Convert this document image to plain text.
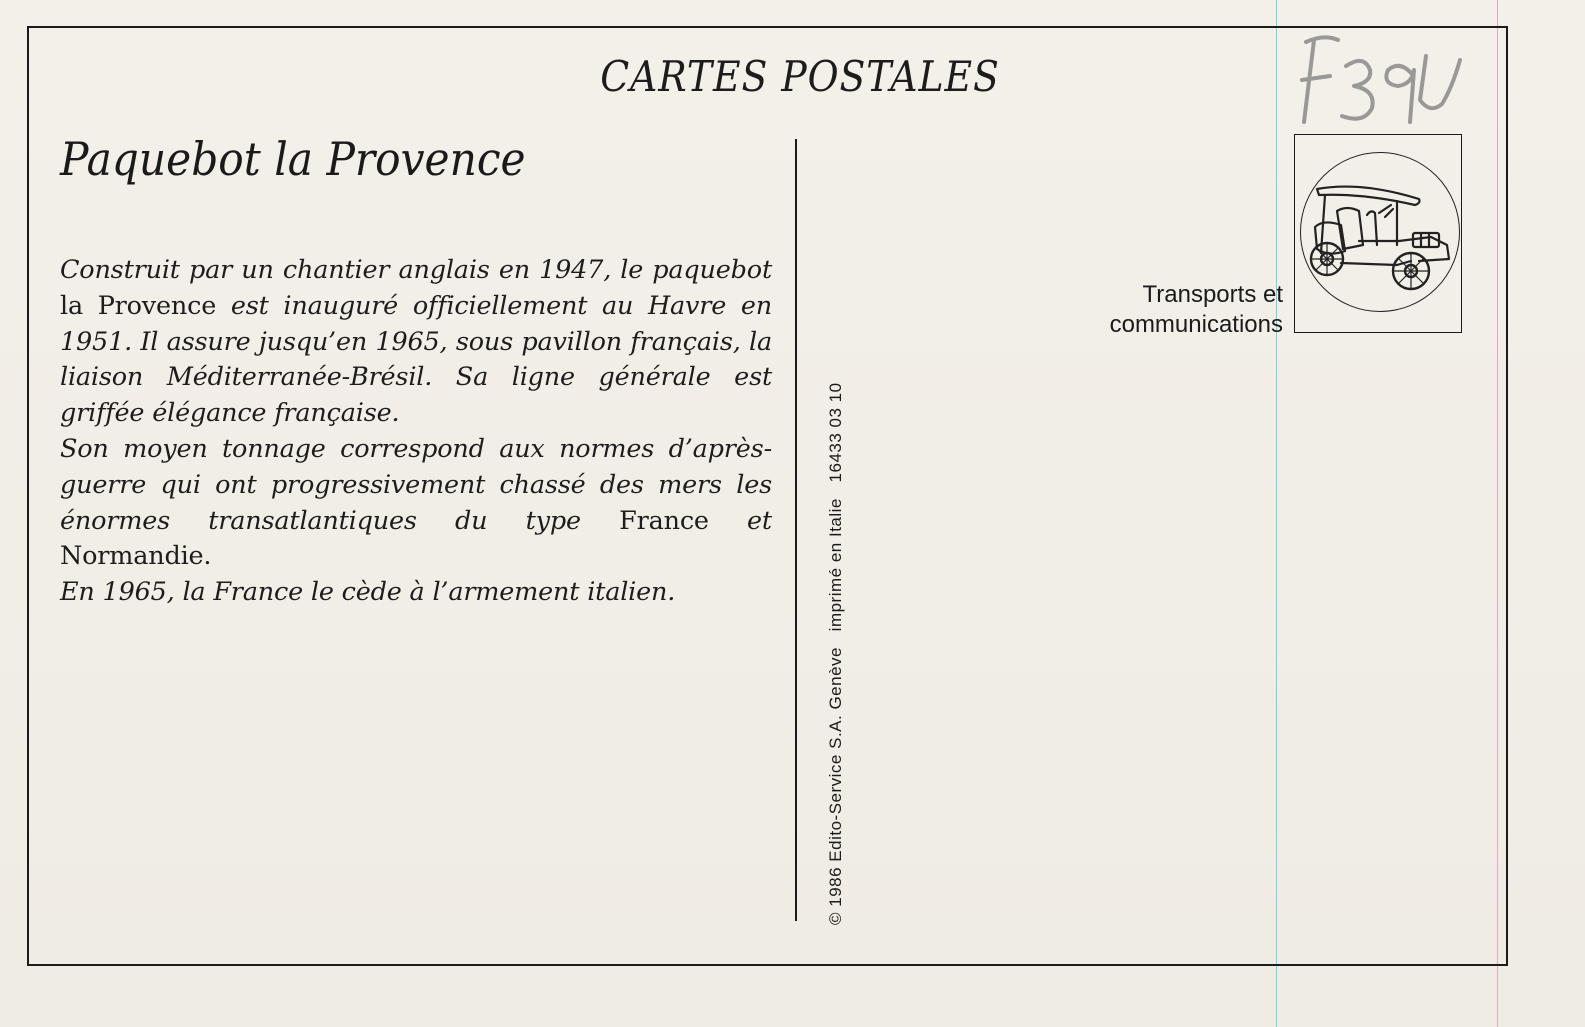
CARTES POSTALES
Paquebot la Provence

Construit par un chantier anglais en 1947, le paquebot la Provence est inauguré officiellement au Havre en 1951. Il assure jusqu’en 1965, sous pavillon français, la liaison Méditerranée-Brésil. Sa ligne générale est griffée élégance française.

Son moyen tonnage correspond aux normes d’après-guerre qui ont progressivement chassé des mers les énormes transatlantiques du type France et Normandie.

En 1965, la France le cède à l’armement italien.	© 1986 Edito-Service S.A. Genève   imprimé en Italie   16433 03 10
Transports et
communications
